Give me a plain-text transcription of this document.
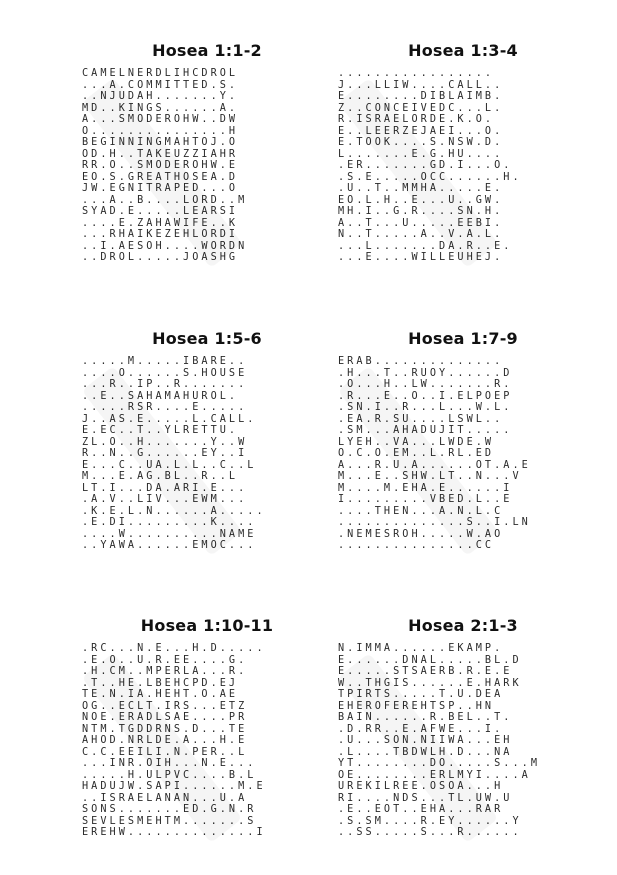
Hosea 1:1-2
CAMELNERDLIHCDROL
...A.COMMITTED.S.
..NJUDAH.......Y.
MD..KINGS......A.
A...SMODEROHW..DW
O...............H
BEGINNINGMAHTOJ.O
OD.H..TAKEUZZIAHR
RR.O..SMODEROHW.E
EO.S.GREATHOSEA.D
JW.EGNITRAPED...O
...A..B....LORD..M
SYAD.E.....LEARSI
....E.ZAHAWIFE..K
...RHAIKEZEHLORDI
..I.AESOH....WORDN
..DROL.....JOASHG
Hosea 1:3-4
.................
J...LLIW....CALL..
E........DIBLAIMB.
Z..CONCEIVEDC...L.
R.ISRAELORDE.K.O.
E..LEERZEJAEI...O.
E.TOOK....S.NSW.D.
L.......E.G.HU....
.ER.......GD.I...O.
.S.E.....OCC......H.
.U..T..MMHA.....E.
EO.L.H..E...U..GW.
MH.I..G.R....SN.H.
A..T...U.....EEBI.
N..T.....A..V.A.L.
...L.......DA.R..E.
...E....WILLEUHEJ.
Hosea 1:5-6
.....M.....IBARE..
....O......S.HOUSE
...R..IP..R.......
..E..SAHAMAHUROL.
.....RSR....E.....
J..AS.E.....L.CALL.
E.EC..T..YLRETTU.
ZL.O..H.......Y..W
R..N..G......EY..I
E...C..UA.L.L..C..L
M...E.AG.BL..R..L
LT.I...DA.ARI.E...
.A.V..LIV...EWM...
.K.E.L.N......A.....
.E.DI.........K....
....W..........NAME
..YAWA......EMOC...
Hosea 1:7-9
ERAB..............
.H...T..RUOY......D
.O...H..LW.......R.
.R...E..O..I.ELPOEP
.SN.I..R...L...W.L.
.EA.R.SU....LSWL..
.SM...AHADUJIT.....
LYEH..VA...LWDE.W
O.C.O.EM..L.RL.ED
A...R.U.A......OT.A.E
M...E..SHW.LT..N...V
M....M.EHA.E......I
I.........VBED.L..E
....THEN...A.N.L.C
..............S..I.LN
.NEMESROH.....W.AO
...............CC
Hosea 1:10-11
.RC...N.E...H.D.....
.E.O..U.R.EE....G.
.H.CM..MPERLA...R.
.T..HE.LBEHCPD.EJ
TE.N.IA.HEHT.O.AE
OG..ECLT.IRS...ETZ
NOE.ERADLSAE....PR
NTM.TGDDRNS.D...TE
AHOD.NRLDE.A...H.E
C.C.EEILI.N.PER..L
...INR.OIH...N.E...
.....H.ULPVC....B.L
HADUJW.SAPI......M.E
..ISRAELANAN...U.A
SONS.......ED.G.N.R
SEVLESMEHTM.......S
EREHW..............I
Hosea 2:1-3
N.IMMA......EKAMP.
E......DNAL.....BL.D
E.....STSAERB.R.E.E
W..THGIS......E.HARK
TPIRTS.....T.U.DEA
EHEROFEREHTSP..HN
BAIN......R.BEL..T.
.D.RR..E.AFWE...I.
.U...SON.NIIWA...EH
.L....TBDWLH.D...NA
YT........DO.....S...M
OE........ERLMYI....A
UREKILREE.OSOA...H
RI....NDS...TL.UW.U
.E..EOT..EHA...RAR
.S.SM....R.EY......Y
..SS.....S...R......
